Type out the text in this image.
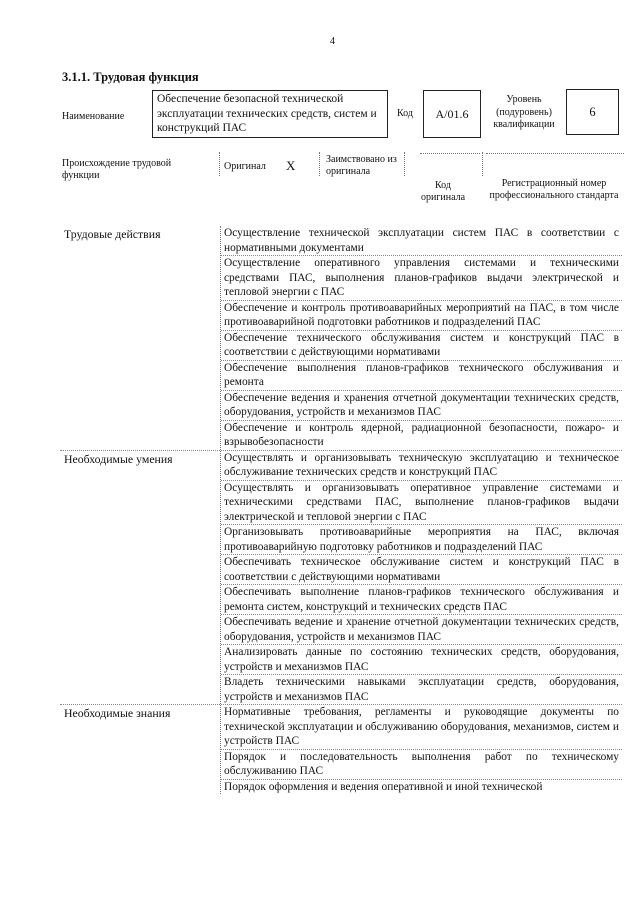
4
3.1.1. Трудовая функция
Наименование
Обеспечение безопасной технической эксплуатации технических средств, систем и конструкций ПАС
Код	А/01.6
Уровень (подуровень) квалификации
6
Происхождение трудовой функции
Оригинал X	Заимствовано из оригинала
Код оригинала
Регистрационный номер профессионального стандарта
Трудовые действия	Осуществление технической эксплуатации систем ПАС в соответствии с нормативными документами
Осуществление оперативного управления системами и техническими средствами ПАС, выполнения планов-графиков выдачи электрической и тепловой энергии с ПАС
Обеспечение и контроль противоаварийных мероприятий на ПАС, в том числе противоаварийной подготовки работников и подразделений ПАС
Обеспечение технического обслуживания систем и конструкций ПАС в соответствии с действующими нормативами
Обеспечение выполнения планов-графиков технического обслуживания и ремонта
Обеспечение ведения и хранения отчетной документации технических средств, оборудования, устройств и механизмов ПАС
Обеспечение и контроль ядерной, радиационной безопасности, пожаро- и взрывобезопасности
Необходимые умения	Осуществлять и организовывать техническую эксплуатацию и техническое обслуживание технических средств и конструкций ПАС
Осуществлять и организовывать оперативное управление системами и техническими средствами ПАС, выполнение планов-графиков выдачи электрической и тепловой энергии с ПАС
Организовывать противоаварийные мероприятия на ПАС, включая противоаварийную подготовку работников и подразделений ПАС
Обеспечивать техническое обслуживание систем и конструкций ПАС в соответствии с действующими нормативами
Обеспечивать выполнение планов-графиков технического обслуживания и ремонта систем, конструкций и технических средств ПАС
Обеспечивать ведение и хранение отчетной документации технических средств, оборудования, устройств и механизмов ПАС
Анализировать данные по состоянию технических средств, оборудования, устройств и механизмов ПАС
Владеть техническими навыками эксплуатации средств, оборудования, устройств и механизмов ПАС
Необходимые знания	Нормативные требования, регламенты и руководящие документы по технической эксплуатации и обслуживанию оборудования, механизмов, систем и устройств ПАС
Порядок и последовательность выполнения работ по техническому обслуживанию ПАС
Порядок оформления и ведения оперативной и иной технической
